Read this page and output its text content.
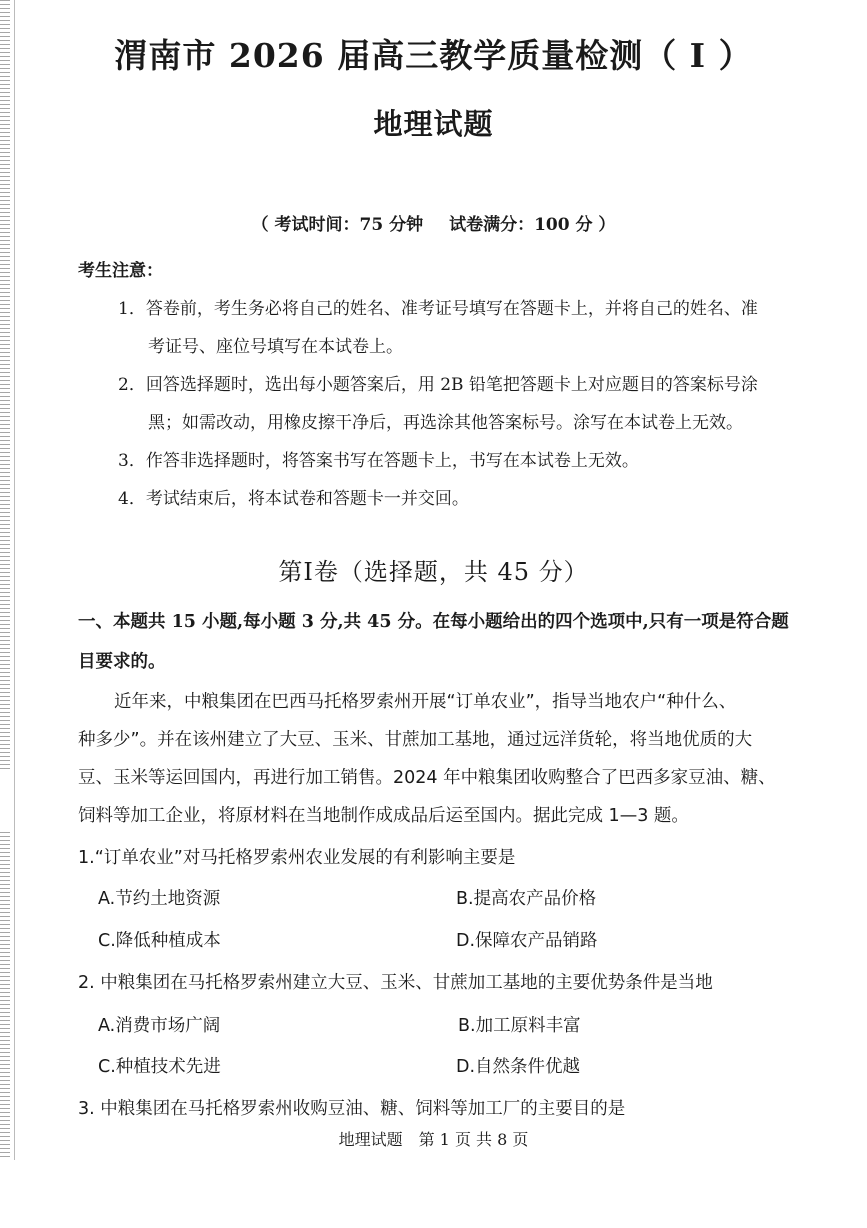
渭南市 2026 届高三教学质量检测（ Ⅰ ）
地理试题
（ 考试时间：75 分钟 试卷满分：100 分 ）
考生注意：
1．答卷前，考生务必将自己的姓名、准考证号填写在答题卡上，并将自己的姓名、准
考证号、座位号填写在本试卷上。
2．回答选择题时，选出每小题答案后，用 2B 铅笔把答题卡上对应题目的答案标号涂
黑；如需改动，用橡皮擦干净后，再选涂其他答案标号。涂写在本试卷上无效。
3．作答非选择题时，将答案书写在答题卡上，书写在本试卷上无效。
4．考试结束后，将本试卷和答题卡一并交回。
第Ⅰ卷（选择题，共 45 分）
一、本题共 15 小题,每小题 3 分,共 45 分。在每小题给出的四个选项中,只有一项是符合题
目要求的。
近年来，中粮集团在巴西马托格罗索州开展“订单农业”，指导当地农户“种什么、
种多少”。并在该州建立了大豆、玉米、甘蔗加工基地，通过远洋货轮，将当地优质的大
豆、玉米等运回国内，再进行加工销售。2024 年中粮集团收购整合了巴西多家豆油、糖、
饲料等加工企业，将原材料在当地制作成成品后运至国内。据此完成 1—3 题。
1.“订单农业”对马托格罗索州农业发展的有利影响主要是
A.节约土地资源	B.提高农产品价格
C.降低种植成本	D.保障农产品销路
2. 中粮集团在马托格罗索州建立大豆、玉米、甘蔗加工基地的主要优势条件是当地
A.消费市场广阔	B.加工原料丰富
C.种植技术先进	D.自然条件优越
3. 中粮集团在马托格罗索州收购豆油、糖、饲料等加工厂的主要目的是
地理试题　第 1 页 共 8 页
